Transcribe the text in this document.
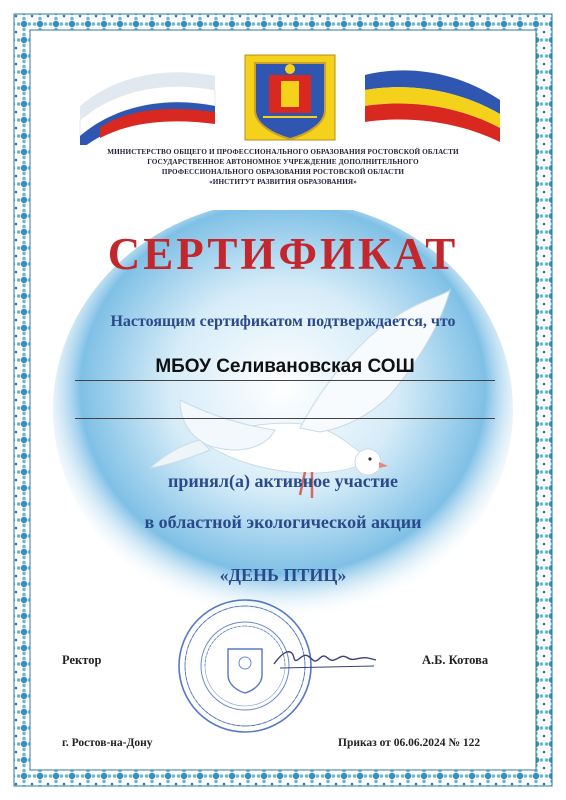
МИНИСТЕРСТВО ОБЩЕГО И ПРОФЕССИОНАЛЬНОГО ОБРАЗОВАНИЯ РОСТОВСКОЙ ОБЛАСТИ
ГОСУДАРСТВЕННОЕ АВТОНОМНОЕ УЧРЕЖДЕНИЕ ДОПОЛНИТЕЛЬНОГО
ПРОФЕССИОНАЛЬНОГО ОБРАЗОВАНИЯ РОСТОВСКОЙ ОБЛАСТИ
«ИНСТИТУТ РАЗВИТИЯ ОБРАЗОВАНИЯ»
СЕРТИФИКАТ
Настоящим сертификатом подтверждается, что
МБОУ Селивановская СОШ
принял(а) активное участие
в областной экологической акции
«ДЕНЬ ПТИЦ»
Ректор	А.Б. Котова
г. Ростов-на-Дону	Приказ от 06.06.2024 № 122
